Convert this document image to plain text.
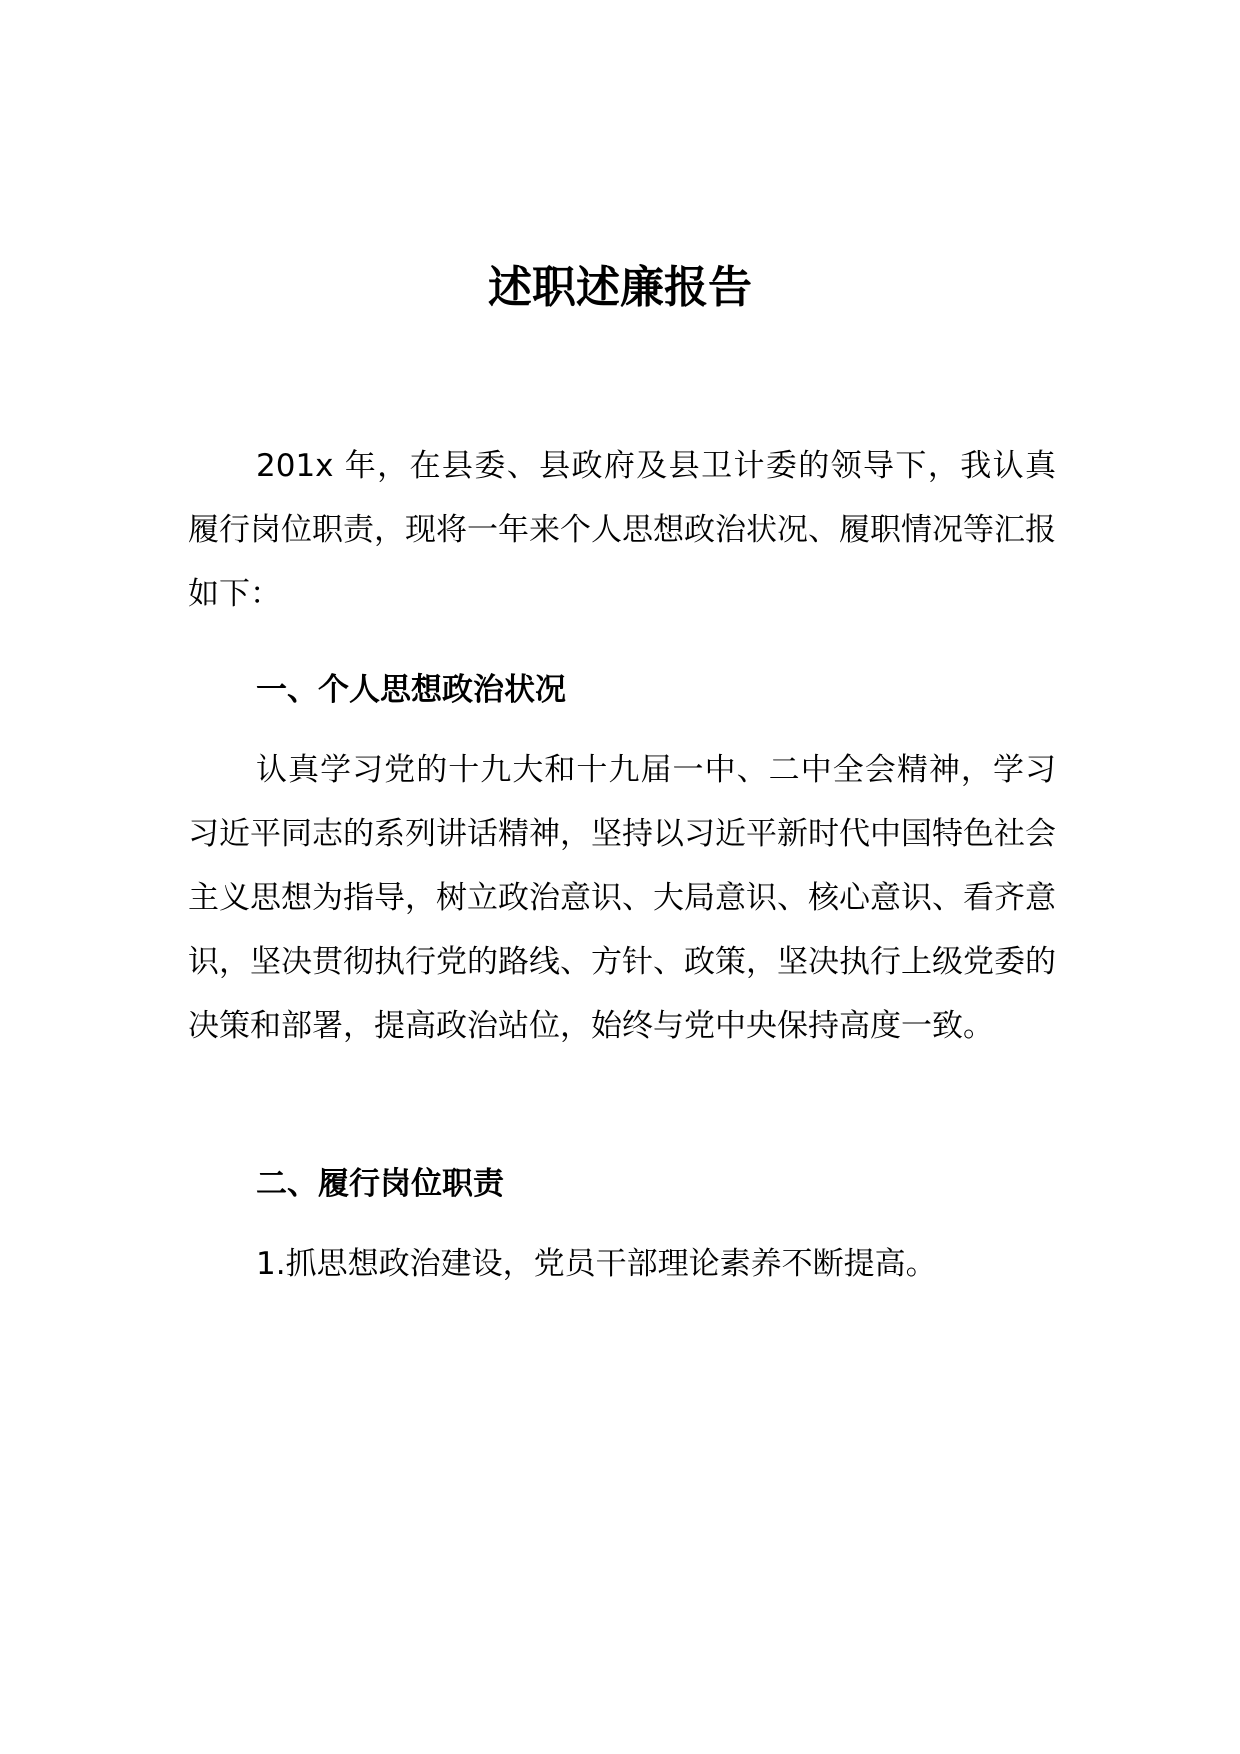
述职述廉报告

201x 年，在县委、县政府及县卫计委的领导下，我认真履行岗位职责，现将一年来个人思想政治状况、履职情况等汇报如下：

一、个人思想政治状况

认真学习党的十九大和十九届一中、二中全会精神，学习习近平同志的系列讲话精神，坚持以习近平新时代中国特色社会主义思想为指导，树立政治意识、大局意识、核心意识、看齐意识，坚决贯彻执行党的路线、方针、政策，坚决执行上级党委的决策和部署，提高政治站位，始终与党中央保持高度一致。

二、履行岗位职责

1.抓思想政治建设，党员干部理论素养不断提高。
